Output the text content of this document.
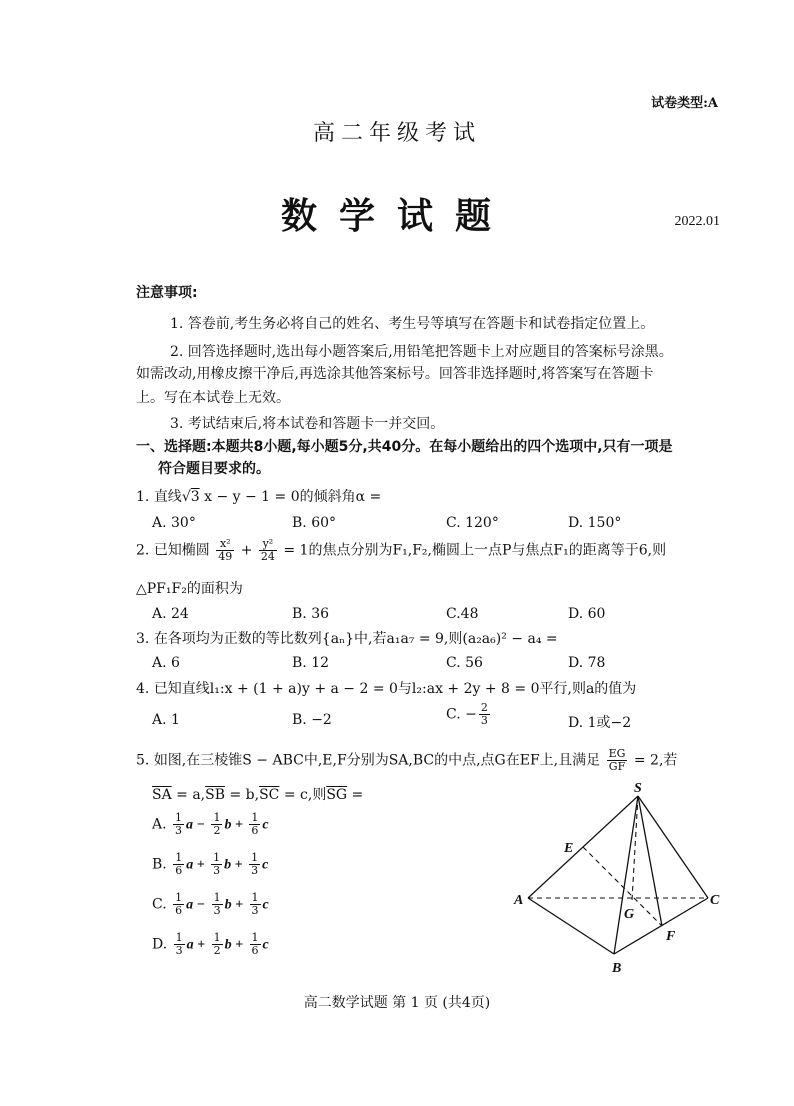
试卷类型:A
高二年级考试
数学试题	2022.01
注意事项:
1. 答卷前,考生务必将自己的姓名、考生号等填写在答题卡和试卷指定位置上。
2. 回答选择题时,选出每小题答案后,用铅笔把答题卡上对应题目的答案标号涂黑。
如需改动,用橡皮擦干净后,再选涂其他答案标号。回答非选择题时,将答案写在答题卡
上。写在本试卷上无效。
3. 考试结束后,将本试卷和答题卡一并交回。
一、选择题:本题共8小题,每小题5分,共40分。在每小题给出的四个选项中,只有一项是
符合题目要求的。
1. 直线√3 x − y − 1 = 0的倾斜角α =
A. 30°	B. 60°	C. 120°	D. 150°
2. 已知椭圆 $\frac{\text{x²}}{49} + \frac{\text{y²}}{24} = 1$的焦点分别为F₁,F₂,椭圆上一点P与焦点F₁的距离等于6,则
△PF₁F₂的面积为
A. 24	B. 36	C.48	D. 60
3. 在各项均为正数的等比数列{aₙ}中,若a₁a₇ = 9,则(a₂a₆)² − a₄ =
A. 6	B. 12	C. 56	D. 78
4. 已知直线l₁:x + (1 + a)y + a − 2 = 0与l₂:ax + 2y + 8 = 0平行,则a的值为
A. 1	B. −2	C. − $\frac{2}{3}$	D. 1或−2
5. 如图,在三棱锥S − ABC中,E,F分别为SA,BC的中点,点G在EF上,且满足 $\frac{EG}{GF} = 2$,若
$\overline{SA} = a,\overline{SB} = b,\overline{SC} = c$,则$\overline{SG}$ =
A. $\frac{1}{3}$ $a - \frac{1}{2}$ $b + \frac{1}{6}$ c
B. $\frac{1}{6}$ $a + \frac{1}{3}$ $b + \frac{1}{3}$ c
C. $\frac{1}{6}$ $a - \frac{1}{3}$ $b + \frac{1}{3}$ c
D. $\frac{1}{3}$ $a + \frac{1}{2}$ $b + \frac{1}{6}$ c
S
E
A
G
C
F
B
高二数学试题 第 1 页 (共4页)
